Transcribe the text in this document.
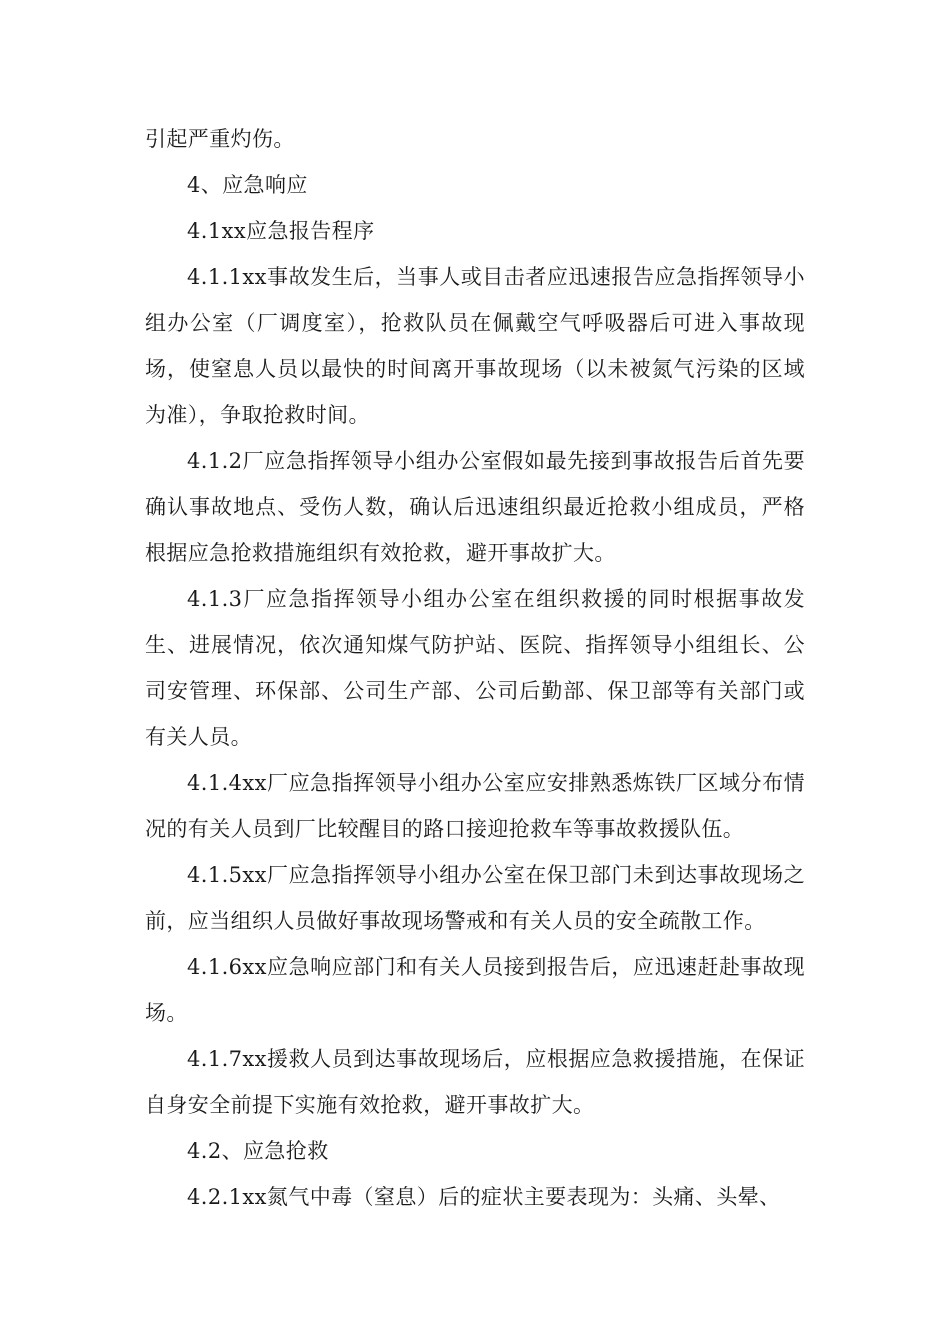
引起严重灼伤。

4、应急响应

4.1xx应急报告程序

4.1.1xx事故发生后，当事人或目击者应迅速报告应急指挥领导小组办公室（厂调度室），抢救队员在佩戴空气呼吸器后可进入事故现场，使窒息人员以最快的时间离开事故现场（以未被氮气污染的区域为准），争取抢救时间。

4.1.2厂应急指挥领导小组办公室假如最先接到事故报告后首先要确认事故地点、受伤人数，确认后迅速组织最近抢救小组成员，严格根据应急抢救措施组织有效抢救，避开事故扩大。

4.1.3厂应急指挥领导小组办公室在组织救援的同时根据事故发生、进展情况，依次通知煤气防护站、医院、指挥领导小组组长、公司安管理、环保部、公司生产部、公司后勤部、保卫部等有关部门或有关人员。

4.1.4xx厂应急指挥领导小组办公室应安排熟悉炼铁厂区域分布情况的有关人员到厂比较醒目的路口接迎抢救车等事故救援队伍。

4.1.5xx厂应急指挥领导小组办公室在保卫部门未到达事故现场之前，应当组织人员做好事故现场警戒和有关人员的安全疏散工作。

4.1.6xx应急响应部门和有关人员接到报告后，应迅速赶赴事故现场。

4.1.7xx援救人员到达事故现场后，应根据应急救援措施，在保证自身安全前提下实施有效抢救，避开事故扩大。

4.2、应急抢救

4.2.1xx氮气中毒（窒息）后的症状主要表现为：头痛、头晕、
